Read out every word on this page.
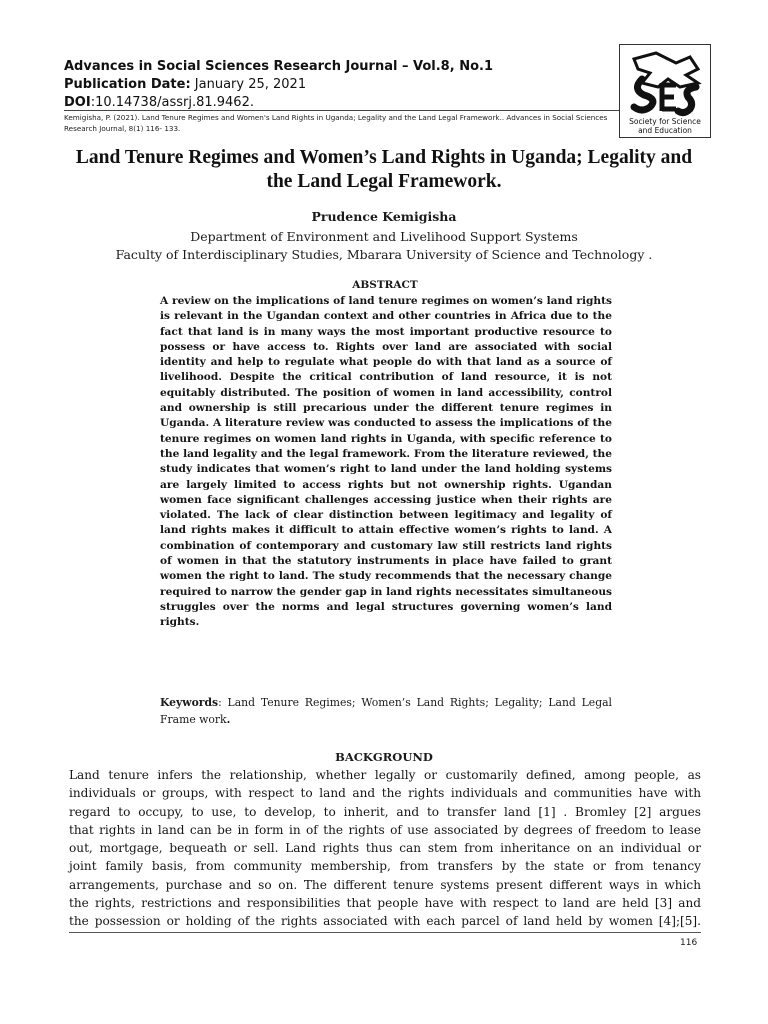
Advances in Social Sciences Research Journal – Vol.8, No.1
Publication Date: January 25, 2021
DOI:10.14738/assrj.81.9462.
Kemigisha, P. (2021). Land Tenure Regimes and Women's Land Rights in Uganda; Legality and the Land Legal Framework.. Advances in Social Sciences Research Journal, 8(1) 116- 133.
Society for Science
and Education
Land Tenure Regimes and Women’s Land Rights in Uganda; Legality and the Land Legal Framework.
Prudence Kemigisha
Department of Environment and Livelihood Support Systems
Faculty of Interdisciplinary Studies, Mbarara University of Science and Technology .
ABSTRACT
A review on the implications of land tenure regimes on women’s land rights is relevant in the Ugandan context and other countries in Africa due to the fact that land is in many ways the most important productive resource to possess or have access to. Rights over land are associated with social identity and help to regulate what people do with that land as a source of livelihood. Despite the critical contribution of land resource, it is not equitably distributed. The position of women in land accessibility, control and ownership is still precarious under the different tenure regimes in Uganda. A literature review was conducted to assess the implications of the tenure regimes on women land rights in Uganda, with specific reference to the land legality and the legal framework. From the literature reviewed, the study indicates that women’s right to land under the land holding systems are largely limited to access rights but not ownership rights. Ugandan women face significant challenges accessing justice when their rights are violated. The lack of clear distinction between legitimacy and legality of land rights makes it difficult to attain effective women’s rights to land. A combination of contemporary and customary law still restricts land rights of women in that the statutory instruments in place have failed to grant women the right to land. The study recommends that the necessary change required to narrow the gender gap in land rights necessitates simultaneous struggles over the norms and legal structures governing women’s land rights.
Keywords: Land Tenure Regimes; Women’s Land Rights; Legality; Land Legal Frame work.
BACKGROUND
Land tenure infers the relationship, whether legally or customarily defined, among people, as
individuals or groups, with respect to land and the rights individuals and communities have with
regard to occupy, to use, to develop, to inherit, and to transfer land [1] . Bromley [2] argues
that rights in land can be in form in of the rights of use associated by degrees of freedom to lease
out, mortgage, bequeath or sell. Land rights thus can stem from inheritance on an individual or
joint family basis, from community membership, from transfers by the state or from tenancy
arrangements, purchase and so on. The different tenure systems present different ways in which
the rights, restrictions and responsibilities that people have with respect to land are held [3] and
the possession or holding of the rights associated with each parcel of land held by women [4];[5].
116
